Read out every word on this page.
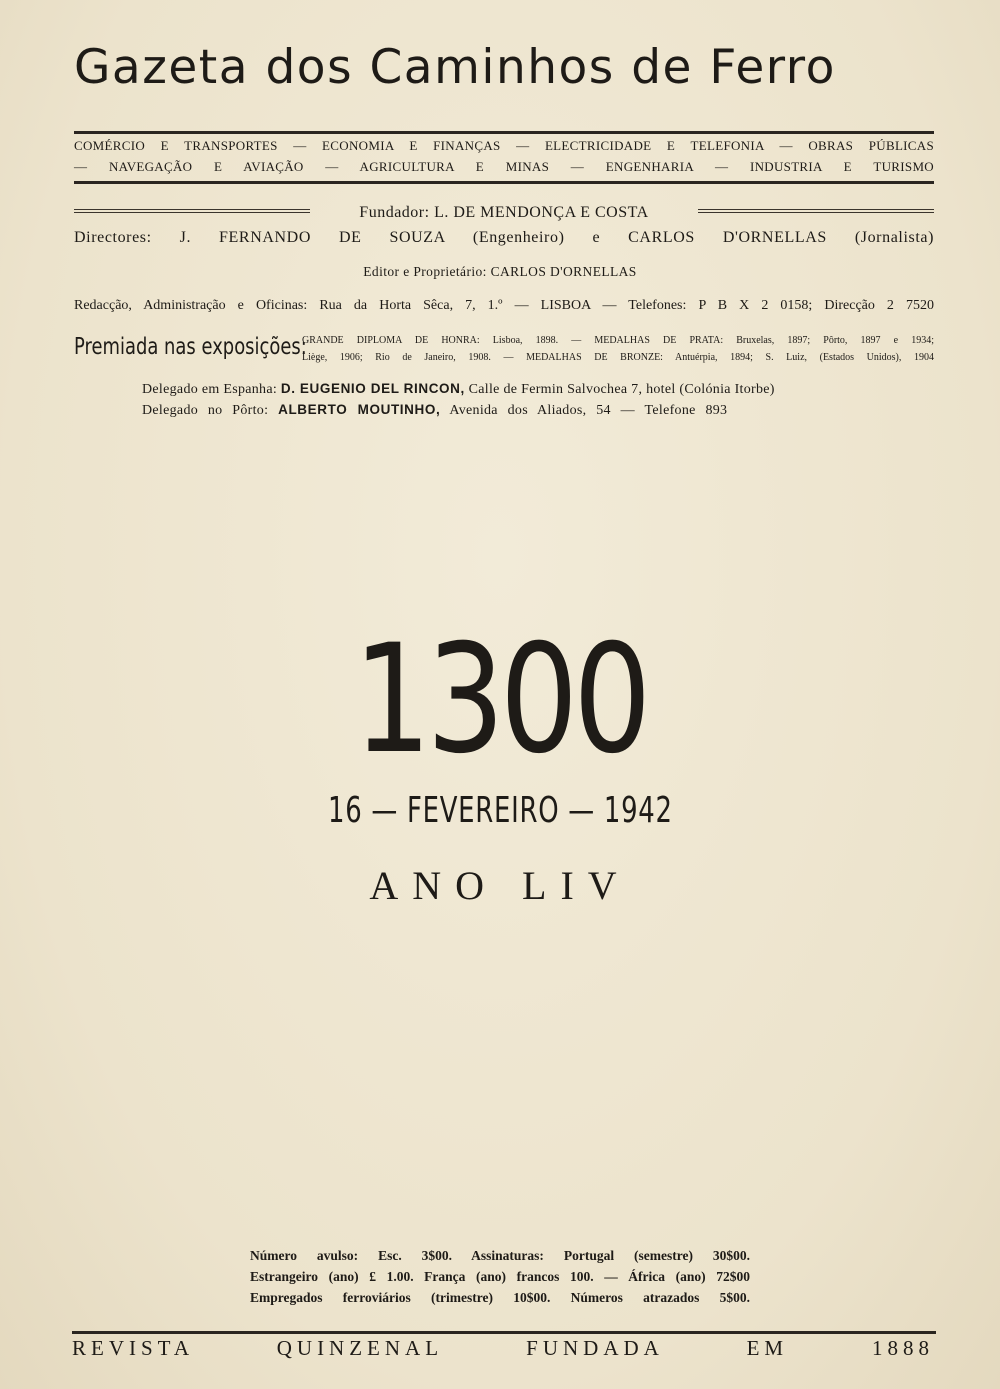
Gazeta dos Caminhos de Ferro
COMÉRCIO E TRANSPORTES — ECONOMIA E FINANÇAS — ELECTRICIDADE E TELEFONIA — OBRAS PÚBLICAS
— NAVEGAÇÃO E AVIAÇÃO — AGRICULTURA E MINAS — ENGENHARIA — INDUSTRIA E TURISMO
Fundador: L. DE MENDONÇA E COSTA
Directores: J. FERNANDO DE SOUZA (Engenheiro) e CARLOS D'ORNELLAS (Jornalista)
Editor e Proprietário: CARLOS D'ORNELLAS
Redacção, Administração e Oficinas: Rua da Horta Sêca, 7, 1.º — LISBOA — Telefones: P B X 2 0158; Direcção 2 7520
Premiada nas exposições:
GRANDE DIPLOMA DE HONRA: Lisboa, 1898. — MEDALHAS DE PRATA: Bruxelas, 1897; Pôrto, 1897 e 1934;
Liège, 1906; Rio de Janeiro, 1908. — MEDALHAS DE BRONZE: Antuérpia, 1894; S. Luiz, (Estados Unidos), 1904
Delegado em Espanha: D. EUGENIO DEL RINCON, Calle de Fermin Salvochea 7, hotel (Colónia Itorbe)
Delegado no Pôrto: ALBERTO MOUTINHO, Avenida dos Aliados, 54 — Telefone 893
1300
16 — FEVEREIRO — 1942
ANO LIV
Número avulso: Esc. 3$00. Assinaturas: Portugal (semestre) 30$00.
Estrangeiro (ano) £ 1.00. França (ano) francos 100. — África (ano) 72$00
Empregados ferroviários (trimestre) 10$00. Números atrazados 5$00.
REVISTA QUINZENAL FUNDADA EM 1888
